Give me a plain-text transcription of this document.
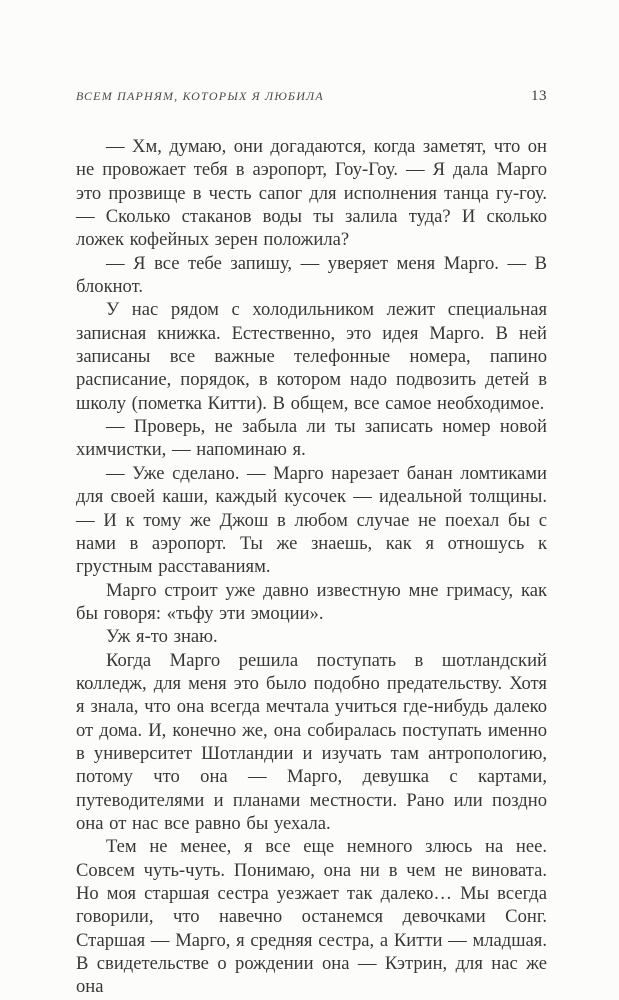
ВСЕМ ПАРНЯМ, КОТОРЫХ Я ЛЮБИЛА	13

— Хм, думаю, они догадаются, когда заметят, что он не провожает тебя в аэропорт, Гоу-Гоу. — Я дала Марго это прозвище в честь сапог для исполнения танца гу-гоу. — Сколько стаканов воды ты залила туда? И сколько ложек кофейных зерен положила?

— Я все тебе запишу, — уверяет меня Марго. — В блокнот.

У нас рядом с холодильником лежит специальная записная книжка. Естественно, это идея Марго. В ней записаны все важные телефонные номера, папино расписание, порядок, в котором надо подвозить детей в школу (пометка Китти). В общем, все самое необходимое.

— Проверь, не забыла ли ты записать номер новой химчистки, — напоминаю я.

— Уже сделано. — Марго нарезает банан ломтиками для своей каши, каждый кусочек — идеальной толщины. — И к тому же Джош в любом случае не поехал бы с нами в аэропорт. Ты же знаешь, как я отношусь к грустным расставаниям.

Марго строит уже давно известную мне гримасу, как бы говоря: «тьфу эти эмоции».

Уж я-то знаю.

Когда Марго решила поступать в шотландский колледж, для меня это было подобно предательству. Хотя я знала, что она всегда мечтала учиться где-нибудь далеко от дома. И, конечно же, она собиралась поступать именно в университет Шотландии и изучать там антропологию, потому что она — Марго, девушка с картами, путеводителями и планами местности. Рано или поздно она от нас все равно бы уехала.

Тем не менее, я все еще немного злюсь на нее. Совсем чуть-чуть. Понимаю, она ни в чем не виновата. Но моя старшая сестра уезжает так далеко… Мы всегда говорили, что навечно останемся девочками Сонг. Старшая — Марго, я средняя сестра, а Китти — младшая. В свидетельстве о рождении она — Кэтрин, для нас же она
